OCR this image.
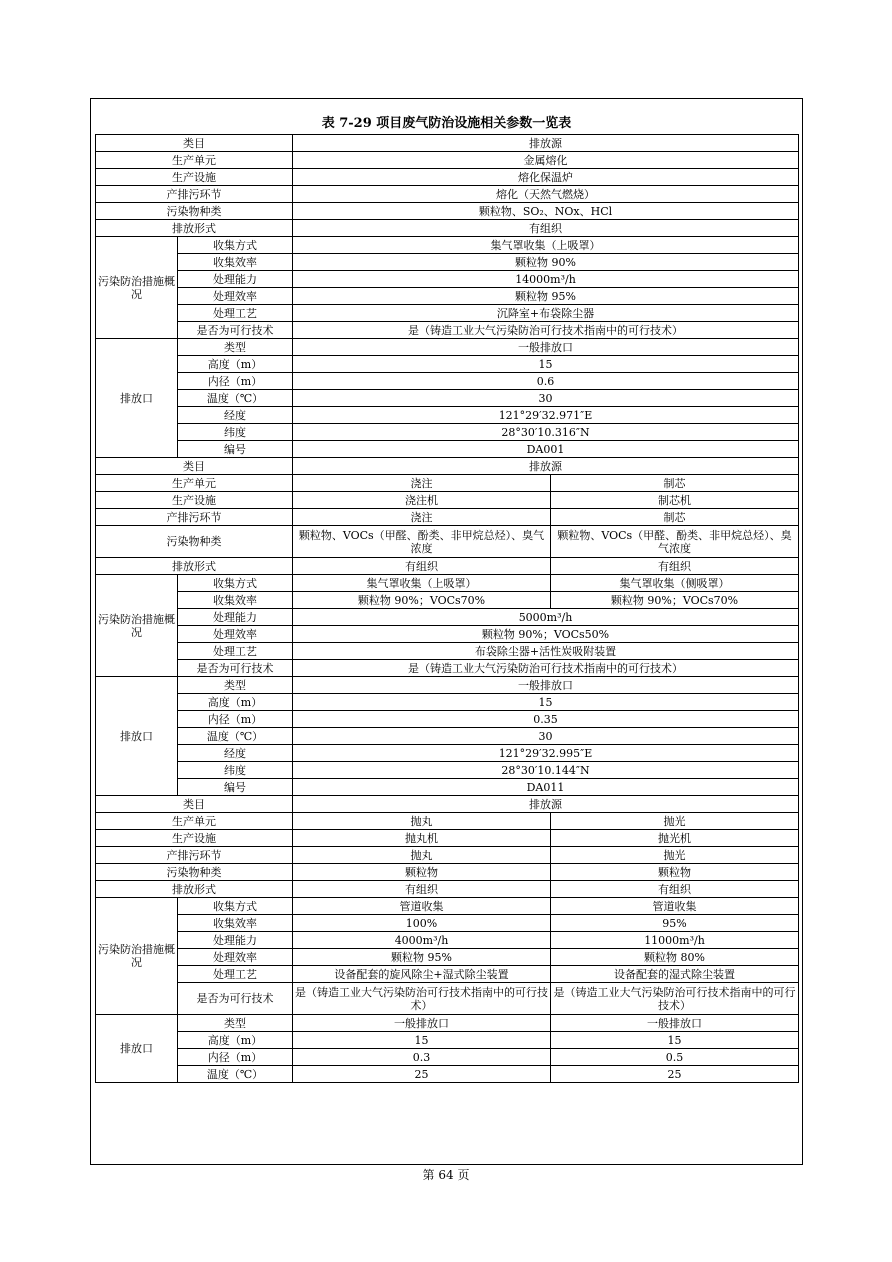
表 7-29 项目废气防治设施相关参数一览表
类目		排放源	
生产单元		金属熔化	
生产设施		熔化保温炉	
产排污环节		熔化（天然气燃烧）	
污染物种类		颗粒物、SO₂、NOx、HCl	
排放形式		有组织	
污染防治措施概况	收集方式	集气罩收集（上吸罩）	
	收集效率	颗粒物 90%	
	处理能力	14000m³/h	
	处理效率	颗粒物 95%	
	处理工艺	沉降室+布袋除尘器	
	是否为可行技术	是（铸造工业大气污染防治可行技术指南中的可行技术）	
排放口	类型	一般排放口	
	高度（m）	15	
	内径（m）	0.6	
	温度（℃）	30	
	经度	121°29′32.971″E	
	纬度	28°30′10.316″N	
	编号	DA001	
类目		排放源	
生产单元		浇注	制芯
生产设施		浇注机	制芯机
产排污环节		浇注	制芯
污染物种类		颗粒物、VOCs（甲醛、酚类、非甲烷总烃）、臭气浓度	颗粒物、VOCs（甲醛、酚类、非甲烷总烃）、臭气浓度
排放形式		有组织	有组织
污染防治措施概况	收集方式	集气罩收集（上吸罩）	集气罩收集（侧吸罩）
	收集效率	颗粒物 90%；VOCs70%	颗粒物 90%；VOCs70%
	处理能力	5000m³/h	
	处理效率	颗粒物 90%；VOCs50%	
	处理工艺	布袋除尘器+活性炭吸附装置	
	是否为可行技术	是（铸造工业大气污染防治可行技术指南中的可行技术）	
排放口	类型	一般排放口	
	高度（m）	15	
	内径（m）	0.35	
	温度（℃）	30	
	经度	121°29′32.995″E	
	纬度	28°30′10.144″N	
	编号	DA011	
类目		排放源	
生产单元		抛丸	抛光
生产设施		抛丸机	抛光机
产排污环节		抛丸	抛光
污染物种类		颗粒物	颗粒物
排放形式		有组织	有组织
污染防治措施概况	收集方式	管道收集	管道收集
	收集效率	100%	95%
	处理能力	4000m³/h	11000m³/h
	处理效率	颗粒物 95%	颗粒物 80%
	处理工艺	设备配套的旋风除尘+湿式除尘装置	设备配套的湿式除尘装置
	是否为可行技术	是（铸造工业大气污染防治可行技术指南中的可行技术）	是（铸造工业大气污染防治可行技术指南中的可行技术）
排放口	类型	一般排放口	一般排放口
	高度（m）	15	15
	内径（m）	0.3	0.5
	温度（℃）	25	25
第 64 页
